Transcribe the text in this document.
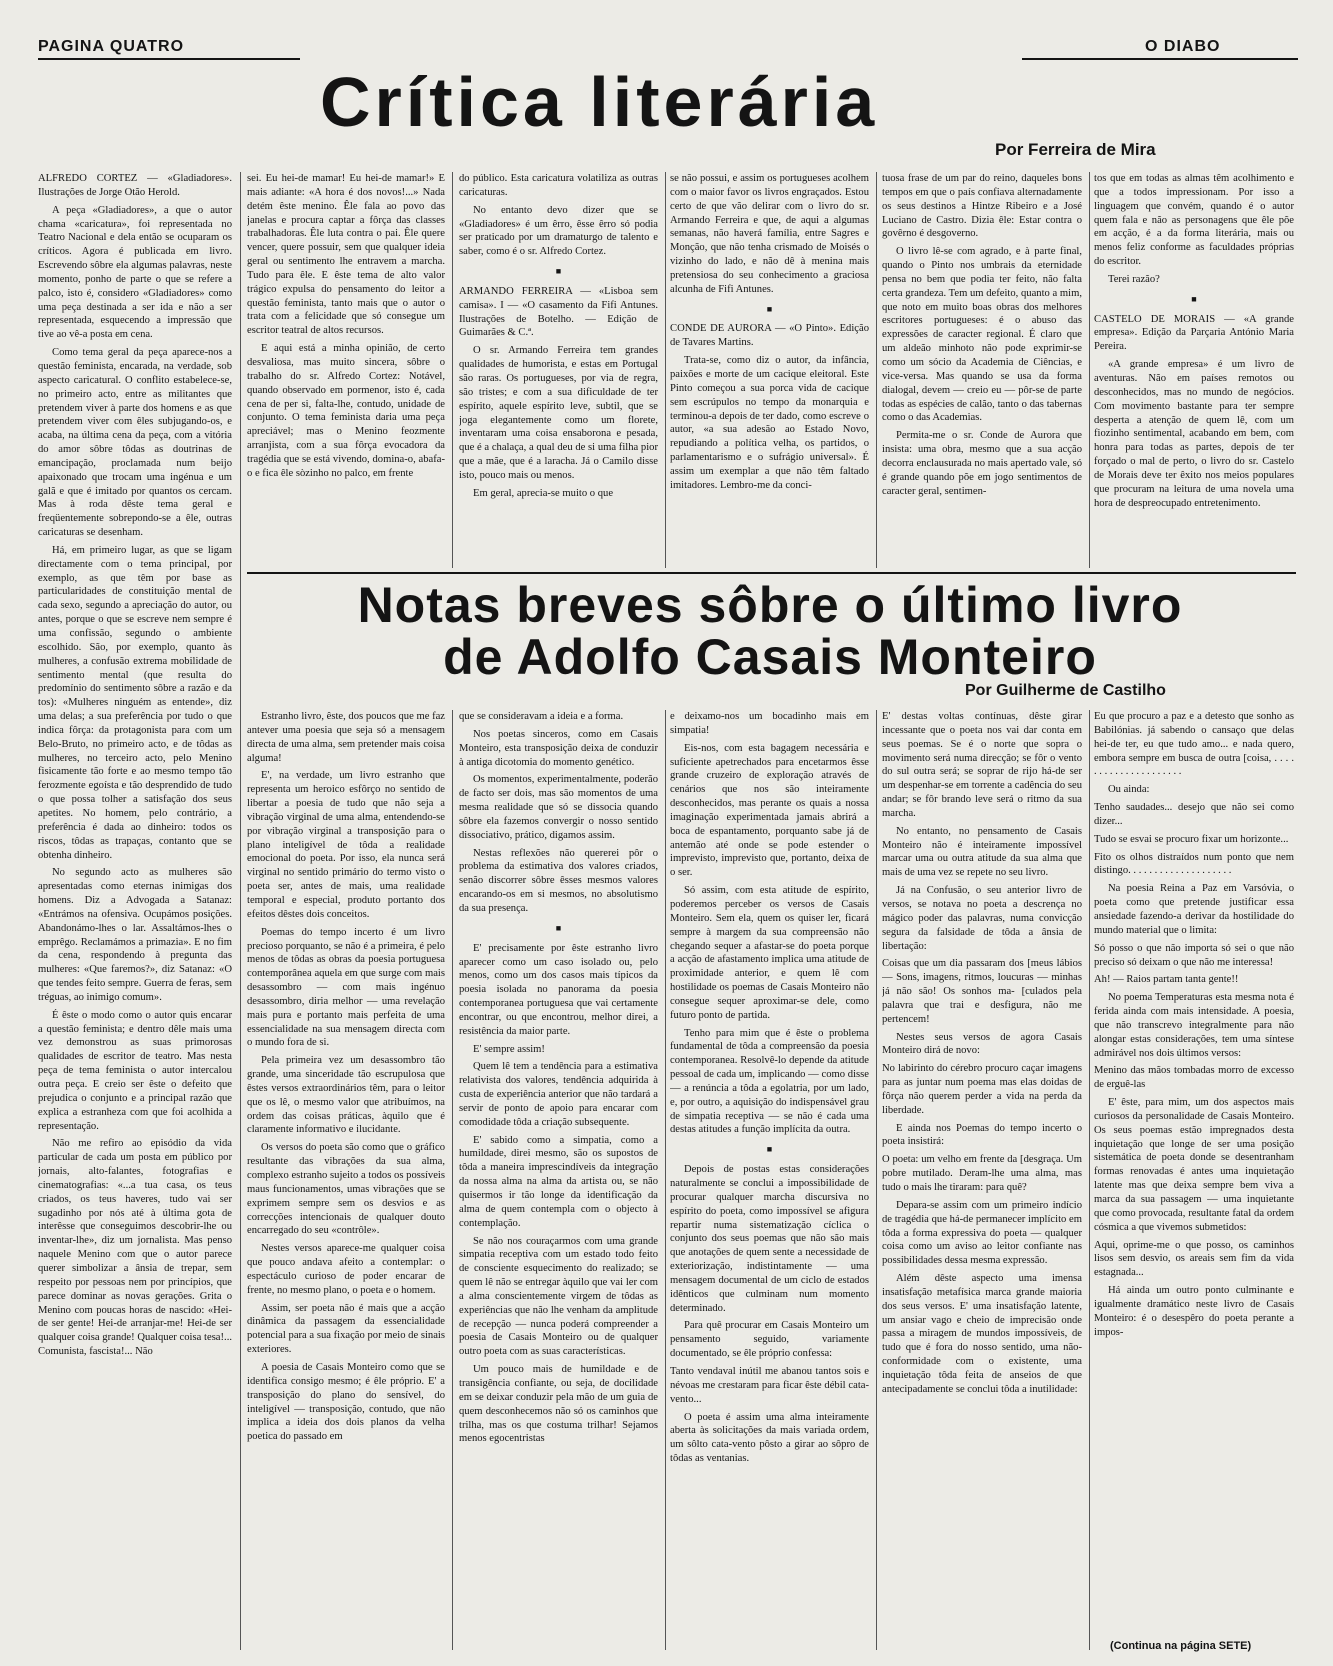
PAGINA QUATRO	O DIABO
Crítica literária
Por Ferreira de Mira

ALFREDO CORTEZ — «Gladiadores». Ilustrações de Jorge Otão Herold.

A peça «Gladiadores», a que o autor chama «caricatura», foi representada no Teatro Nacional e dela então se ocuparam os críticos. Agora é publicada em livro. Escrevendo sôbre ela algumas palavras, neste momento, ponho de parte o que se refere a palco, isto é, considero «Gladiadores» como uma peça destinada a ser ida e não a ser representada, esquecendo a impressão que tive ao vê-a posta em cena.

Como tema geral da peça aparece-nos a questão feminista, encarada, na verdade, sob aspecto caricatural. O conflito estabelece-se, no primeiro acto, entre as militantes que pretendem viver à parte dos homens e as que pretendem viver com êles subjugando-os, e acaba, na última cena da peça, com a vitória do amor sôbre tôdas as doutrinas de emancipação, proclamada num beijo apaixonado que trocam uma ingénua e um galã e que é imitado por quantos os cercam. Mas à roda dêste tema geral e freqüentemente sobrepondo-se a êle, outras caricaturas se desenham.

Há, em primeiro lugar, as que se ligam directamente com o tema principal, por exemplo, as que têm por base as particularidades de constituição mental de cada sexo, segundo a apreciação do autor, ou antes, porque o que se escreve nem sempre é uma confissão, segundo o ambiente escolhido. São, por exemplo, quanto às mulheres, a confusão extrema mobilidade de sentimento mental (que resulta do predomínio do sentimento sôbre a razão e da tos): «Mulheres ninguém as entende», diz uma delas; a sua preferência por tudo o que indica fôrça: da protagonista para com um Belo-Bruto, no primeiro acto, e de tôdas as mulheres, no terceiro acto, pelo Menino fisicamente tão forte e ao mesmo tempo tão ferozmente egoísta e tão desprendido de tudo o que possa tolher a satisfação dos seus apetites. No homem, pelo contrário, a preferência é dada ao dinheiro: todos os riscos, tôdas as trapaças, contanto que se obtenha dinheiro.

No segundo acto as mulheres são apresentadas como eternas inimigas dos homens. Diz a Advogada a Satanaz: «Entrámos na ofensiva. Ocupámos posições. Abandonámo-lhes o lar. Assaltámos-lhes o emprêgo. Reclamámos a primazia». E no fim da cena, respondendo à pregunta das mulheres: «Que faremos?», diz Satanaz: «O que tendes feito sempre. Guerra de feras, sem tréguas, ao inimigo comum».

É êste o modo como o autor quis encarar a questão feminista; e dentro dêle mais uma vez demonstrou as suas primorosas qualidades de escritor de teatro. Mas nesta peça de tema feminista o autor intercalou outra peça. E creio ser êste o defeito que prejudica o conjunto e a principal razão que explica a estranheza com que foi acolhida a representação.

Não me refiro ao episódio da vida particular de cada um posta em público por jornais, alto-falantes, fotografias e cinematografias: «...a tua casa, os teus criados, os teus haveres, tudo vai ser sugadinho por nós até à última gota de interêsse que conseguimos descobrir-lhe ou inventar-lhe», diz um jornalista. Mas penso naquele Menino com que o autor parece querer simbolizar a ânsia de trepar, sem respeito por pessoas nem por princípios, que parece dominar as novas gerações. Grita o Menino com poucas horas de nascido: «Hei-de ser gente! Hei-de arranjar-me! Hei-de ser qualquer coisa grande! Qualquer coisa tesa!... Comunista, fascista!... Não

sei. Eu hei-de mamar! Eu hei-de mamar!» E mais adiante: «A hora é dos novos!...» Nada detém êste menino. Êle fala ao povo das janelas e procura captar a fôrça das classes trabalhadoras. Êle luta contra o pai. Êle quere vencer, quere possuir, sem que qualquer ideia geral ou sentimento lhe entravem a marcha. Tudo para êle. E êste tema de alto valor trágico expulsa do pensamento do leitor a questão feminista, tanto mais que o autor o trata com a felicidade que só consegue um escritor teatral de altos recursos.

E aqui está a minha opinião, de certo desvaliosa, mas muito sincera, sôbre o trabalho do sr. Alfredo Cortez: Notável, quando observado em pormenor, isto é, cada cena de per si, falta-lhe, contudo, unidade de conjunto. O tema feminista daria uma peça apreciável; mas o Menino feozmente arranjista, com a sua fôrça evocadora da tragédia que se está vivendo, domina-o, abafa-o e fica êle sòzinho no palco, em frente

do público. Esta caricatura volatiliza as outras caricaturas.

No entanto devo dizer que se «Gladiadores» é um êrro, êsse êrro só podia ser praticado por um dramaturgo de talento e saber, como é o sr. Alfredo Cortez.

■

ARMANDO FERREIRA — «Lisboa sem camisa». I — «O casamento da Fifi Antunes. Ilustrações de Botelho. — Edição de Guimarães & C.ª.

O sr. Armando Ferreira tem grandes qualidades de humorista, e estas em Portugal são raras. Os portugueses, por via de regra, são tristes; e com a sua dificuldade de ter espírito, aquele espírito leve, subtil, que se joga elegantemente como um florete, inventaram uma coisa ensaborona e pesada, que é a chalaça, a qual deu de si uma filha pior que a mãe, que é a laracha. Já o Camilo disse isto, pouco mais ou menos.

Em geral, aprecia-se muito o que

se não possui, e assim os portugueses acolhem com o maior favor os livros engraçados. Estou certo de que vão delirar com o livro do sr. Armando Ferreira e que, de aqui a algumas semanas, não haverá família, entre Sagres e Monção, que não tenha crismado de Moisés o vizinho do lado, e não dê à menina mais pretensiosa do seu conhecimento a graciosa alcunha de Fifi Antunes.

■

CONDE DE AURORA — «O Pinto». Edição de Tavares Martins.

Trata-se, como diz o autor, da infância, paixões e morte de um cacique eleitoral. Este Pinto começou a sua porca vida de cacique sem escrúpulos no tempo da monarquia e terminou-a depois de ter dado, como escreve o autor, «a sua adesão ao Estado Novo, repudiando a política velha, os partidos, o parlamentarismo e o sufrágio universal». É assim um exemplar a que não têm faltado imitadores. Lembro-me da conci-

tuosa frase de um par do reino, daqueles bons tempos em que o país confiava alternadamente os seus destinos a Hintze Ribeiro e a José Luciano de Castro. Dizia êle: Estar contra o govêrno é desgoverno.

O livro lê-se com agrado, e à parte final, quando o Pinto nos umbrais da eternidade pensa no bem que podia ter feito, não falta certa grandeza. Tem um defeito, quanto a mim, que noto em muito boas obras dos melhores escritores portugueses: é o abuso das expressões de caracter regional. É claro que um aldeão minhoto não pode exprimir-se como um sócio da Academia de Ciências, e vice-versa. Mas quando se usa da forma dialogal, devem — creio eu — pôr-se de parte todas as espécies de calão, tanto o das tabernas como o das Academias.

Permita-me o sr. Conde de Aurora que insista: uma obra, mesmo que a sua acção decorra enclausurada no mais apertado vale, só é grande quando põe em jogo sentimentos de caracter geral, sentimen-

tos que em todas as almas têm acolhimento e que a todos impressionam. Por isso a linguagem que convém, quando é o autor quem fala e não as personagens que êle põe em acção, é a da forma literária, mais ou menos feliz conforme as faculdades próprias do escritor.

Terei razão?

■

CASTELO DE MORAIS — «A grande empresa». Edição da Parçaria António Maria Pereira.

«A grande empresa» é um livro de aventuras. Não em países remotos ou desconhecidos, mas no mundo de negócios. Com movimento bastante para ter sempre desperta a atenção de quem lê, com um fiozinho sentimental, acabando em bem, com honra para todas as partes, depois de ter forçado o mal de perto, o livro do sr. Castelo de Morais deve ter êxito nos meios populares que procuram na leitura de uma novela uma hora de despreocupado entretenimento.

Notas breves sôbre o último livro
de Adolfo Casais Monteiro
Por Guilherme de Castilho

Estranho livro, êste, dos poucos que me faz antever uma poesia que seja só a mensagem directa de uma alma, sem pretender mais coisa alguma!

E', na verdade, um livro estranho que representa um heroico esfôrço no sentido de libertar a poesia de tudo que não seja a vibração virginal de uma alma, entendendo-se por vibração virginal a transposição para o plano inteligível de tôda a realidade emocional do poeta. Por isso, ela nunca será virginal no sentido primário do termo visto o poeta ser, antes de mais, uma realidade temporal e especial, produto portanto dos efeitos dêstes dois conceitos.

Poemas do tempo incerto é um livro precioso porquanto, se não é a primeira, é pelo menos de tôdas as obras da poesia portuguesa contemporânea aquela em que surge com mais desassombro — com mais ingénuo desassombro, diria melhor — uma revelação mais pura e portanto mais perfeita de uma essencialidade na sua mensagem directa com o mundo fora de si.

Pela primeira vez um desassombro tão grande, uma sinceridade tão escrupulosa que êstes versos extraordinários têm, para o leitor que os lê, o mesmo valor que atribuímos, na ordem das coisas práticas, àquilo que é claramente informativo e ilucidante.

Os versos do poeta são como que o gráfico resultante das vibrações da sua alma, complexo estranho sujeito a todos os possíveis maus funcionamentos, umas vibrações que se exprimem sempre sem os desvios e as correcções intencionais de qualquer douto encarregado do seu «contrôle».

Nestes versos aparece-me qualquer coisa que pouco andava afeito a contemplar: o espectáculo curioso de poder encarar de frente, no mesmo plano, o poeta e o homem.

Assim, ser poeta não é mais que a acção dinâmica da passagem da essencialidade potencial para a sua fixação por meio de sinais exteriores.

A poesia de Casais Monteiro como que se identifica consigo mesmo; é êle próprio. E' a transposição do plano do sensível, do inteligível — transposição, contudo, que não implica a ideia dos dois planos da velha poetica do passado em

que se consideravam a ideia e a forma.

Nos poetas sinceros, como em Casais Monteiro, esta transposição deixa de conduzir à antiga dicotomia do momento genético.

Os momentos, experimentalmente, poderão de facto ser dois, mas são momentos de uma mesma realidade que só se dissocia quando sôbre ela fazemos convergir o nosso sentido dissociativo, prático, digamos assim.

Nestas reflexões não quererei pôr o problema da estimativa dos valores criados, senão discorrer sôbre êsses mesmos valores encarando-os em si mesmos, no absolutismo da sua presença.

■

E' precisamente por êste estranho livro aparecer como um caso isolado ou, pelo menos, como um dos casos mais típicos da poesia isolada no panorama da poesia contemporanea portuguesa que vai certamente encontrar, ou que encontrou, melhor direi, a resistência da maior parte.

E' sempre assim!

Quem lê tem a tendência para a estimativa relativista dos valores, tendência adquirida à custa de experiência anterior que não tardará a servir de ponto de apoio para encarar com comodidade tôda a criação subsequente.

E' sabido como a simpatia, como a humildade, direi mesmo, são os supostos de tôda a maneira imprescindíveis da integração da nossa alma na alma da artista ou, se não quisermos ir tão longe da identificação da alma de quem contempla com o objecto à contemplação.

Se não nos couraçarmos com uma grande simpatia receptiva com um estado todo feito de consciente esquecimento do realizado; se quem lê não se entregar àquilo que vai ler com a alma conscientemente virgem de tôdas as experiências que não lhe venham da amplitude de recepção — nunca poderá compreender a poesia de Casais Monteiro ou de qualquer outro poeta com as suas características.

Um pouco mais de humildade e de transigência confiante, ou seja, de docilidade em se deixar conduzir pela mão de um guia de quem desconhecemos não só os caminhos que trilha, mas os que costuma trilhar! Sejamos menos egocentristas

e deixamo-nos um bocadinho mais em simpatia!

Eis-nos, com esta bagagem necessária e suficiente apetrechados para encetarmos êsse grande cruzeiro de exploração através de cenários que nos são inteiramente desconhecidos, mas perante os quais a nossa imaginação experimentada jamais abrirá a boca de espantamento, porquanto sabe já de antemão até onde se pode estender o imprevisto, imprevisto que, portanto, deixa de o ser.

Só assim, com esta atitude de espírito, poderemos perceber os versos de Casais Monteiro. Sem ela, quem os quiser ler, ficará sempre à margem da sua compreensão não chegando sequer a afastar-se do poeta porque a acção de afastamento implica uma atitude de proximidade anterior, e quem lê com hostilidade os poemas de Casais Monteiro não consegue sequer aproximar-se dele, como futuro ponto de partida.

Tenho para mim que é êste o problema fundamental de tôda a compreensão da poesia contemporanea. Resolvê-lo depende da atitude pessoal de cada um, implicando — como disse — a renúncia a tôda a egolatria, por um lado, e, por outro, a aquisição do indispensável grau de simpatia receptiva — se não é cada uma destas atitudes a função implícita da outra.

■

Depois de postas estas considerações naturalmente se conclui a impossibilidade de procurar qualquer marcha discursiva no espírito do poeta, como impossível se afigura repartir numa sistematização cíclica o conjunto dos seus poemas que não são mais que anotações de quem sente a necessidade de exteriorização, indistintamente — uma mensagem documental de um ciclo de estados idênticos que culminam num momento determinado.

Para quê procurar em Casais Monteiro um pensamento seguido, variamente documentado, se êle próprio confessa:

Tanto vendaval inútil me abanou tantos sois e névoas me crestaram para ficar êste débil cata-vento...

O poeta é assim uma alma inteiramente aberta às solicitações da mais variada ordem, um sôlto cata-vento pôsto a girar ao sôpro de tôdas as ventanias.

E' destas voltas contínuas, dêste girar incessante que o poeta nos vai dar conta em seus poemas. Se é o norte que sopra o movimento será numa direcção; se fôr o vento do sul outra será; se soprar de rijo há-de ser um despenhar-se em torrente a cadência do seu andar; se fôr brando leve será o ritmo da sua marcha.

No entanto, no pensamento de Casais Monteiro não é inteiramente impossível marcar uma ou outra atitude da sua alma que mais de uma vez se repete no seu livro.

Já na Confusão, o seu anterior livro de versos, se notava no poeta a descrença no mágico poder das palavras, numa convicção segura da falsidade de tôda a ânsia de libertação:

Coisas que um dia passaram dos [meus lábios — Sons, imagens, ritmos, loucuras — minhas já não são! Os sonhos ma- [culados pela palavra que trai e desfigura, não me pertencem!

Nestes seus versos de agora Casais Monteiro dirá de novo:

No labirinto do cérebro procuro caçar imagens para as juntar num poema mas elas doidas de fôrça não querem perder a vida na perda da liberdade.

E ainda nos Poemas do tempo incerto o poeta insistirá:

O poeta: um velho em frente da [desgraça. Um pobre mutilado. Deram-lhe uma alma, mas tudo o mais lhe tiraram: para quê?

Depara-se assim com um primeiro indício de tragédia que há-de permanecer implícito em tôda a forma expressiva do poeta — qualquer coisa como um aviso ao leitor confiante nas possibilidades dessa mesma expressão.

Além dêste aspecto uma imensa insatisfação metafísica marca grande maioria dos seus versos. E' uma insatisfação latente, um ansiar vago e cheio de imprecisão onde passa a miragem de mundos impossíveis, de tudo que é fora do nosso sentido, uma não-conformidade com o existente, uma inquietação tôda feita de anseios de que antecipadamente se conclui tôda a inutilidade:

Eu que procuro a paz e a detesto que sonho as Babilónias. já sabendo o cansaço que delas hei-de ter, eu que tudo amo... e nada quero, embora sempre em busca de outra [coisa, . . . . . . . . . . . . . . . . . . . . .

Ou ainda:

Tenho saudades... desejo que não sei como dizer...

Tudo se esvai se procuro fixar um horizonte...

Fito os olhos distraídos num ponto que nem distingo. . . . . . . . . . . . . . . . . . . .

Na poesia Reina a Paz em Varsóvia, o poeta como que pretende justificar essa ansiedade fazendo-a derivar da hostilidade do mundo material que o limita:

Só posso o que não importa só sei o que não preciso só deixam o que não me interessa!

Ah! — Raios partam tanta gente!!

No poema Temperaturas esta mesma nota é ferida ainda com mais intensidade. A poesia, que não transcrevo integralmente para não alongar estas considerações, tem uma síntese admirável nos dois últimos versos:

Menino das mãos tombadas morro de excesso de erguê-las

E' êste, para mim, um dos aspectos mais curiosos da personalidade de Casais Monteiro. Os seus poemas estão impregnados desta inquietação que longe de ser uma posição sistemática de poeta donde se desentranham formas renovadas é antes uma inquietação latente mas que deixa sempre bem viva a marca da sua passagem — uma inquietante que como provocada, resultante fatal da ordem cósmica a que vivemos submetidos:

Aqui, oprime-me o que posso, os caminhos lisos sem desvio, os areais sem fim da vida estagnada...

Há ainda um outro ponto culminante e igualmente dramático neste livro de Casais Monteiro: é o desespêro do poeta perante a impos-

(Continua na página SETE)
